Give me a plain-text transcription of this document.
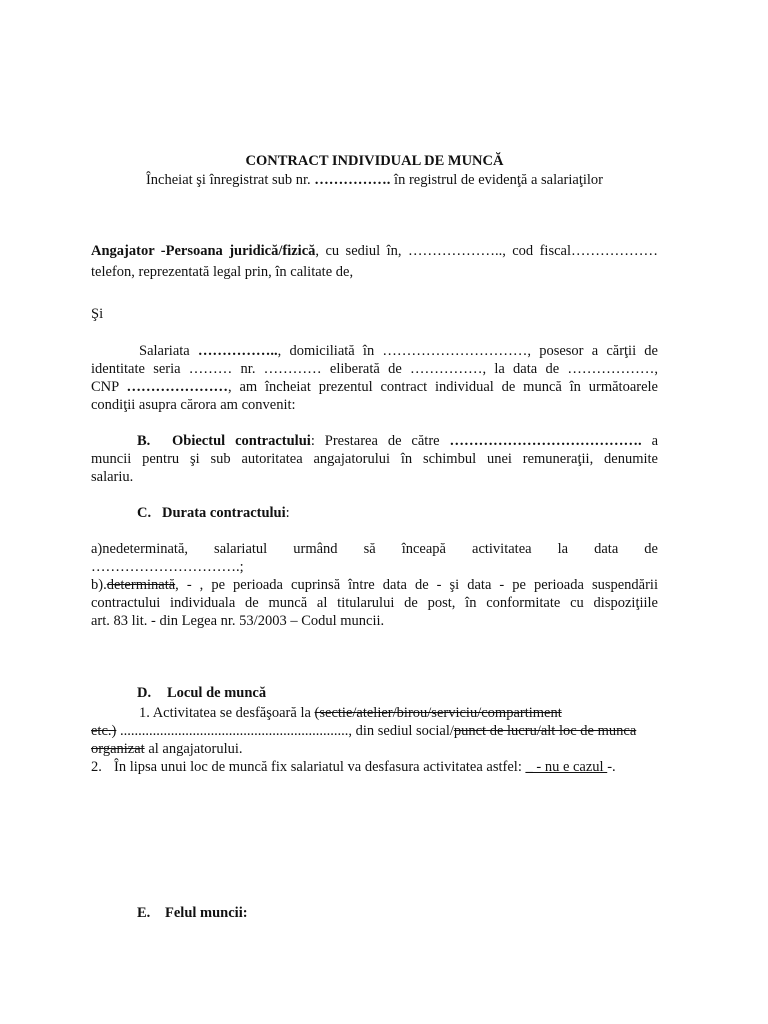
CONTRACT INDIVIDUAL DE MUNCĂ

Încheiat şi înregistrat sub nr. ……………. în registrul de evidenţă a salariaţilor

Angajator -Persoana juridică/fizică, cu sediul în, ……………….., cod fiscal………………

telefon, reprezentată legal prin, în calitate de,

Şi

Salariata …………….., domiciliată în …………………………, posesor a cărţii de

identitate seria ……… nr. ………… eliberată de ……………, la data de ………………,

CNP …………………, am încheiat prezentul contract individual de muncă în următoarele

condiţii asupra cărora am convenit:

B. Obiectul contractului: Prestarea de către …………………………………. a

muncii pentru şi sub autoritatea angajatorului în schimbul unei remuneraţii, denumite

salariu.

C. Durata contractului:

a)nedeterminată, salariatul urmând să înceapă activitatea la data de

………………………….;

b).determinată, - , pe perioada cuprinsă între data de - şi data - pe perioada suspendării

contractului individuala de muncă al titularului de post, în conformitate cu dispoziţiile

art. 83 lit. - din Legea nr. 53/2003 – Codul muncii.

D. Locul de muncă

1. Activitatea se desfăşoară la (sectie/atelier/birou/serviciu/compartiment

etc.) ..............................................................., din sediul social/punct de lucru/alt loc de munca

organizat al angajatorului.

2. În lipsa unui loc de muncă fix salariatul va desfasura activitatea astfel: _ - nu e cazul -.

E. Felul muncii:
